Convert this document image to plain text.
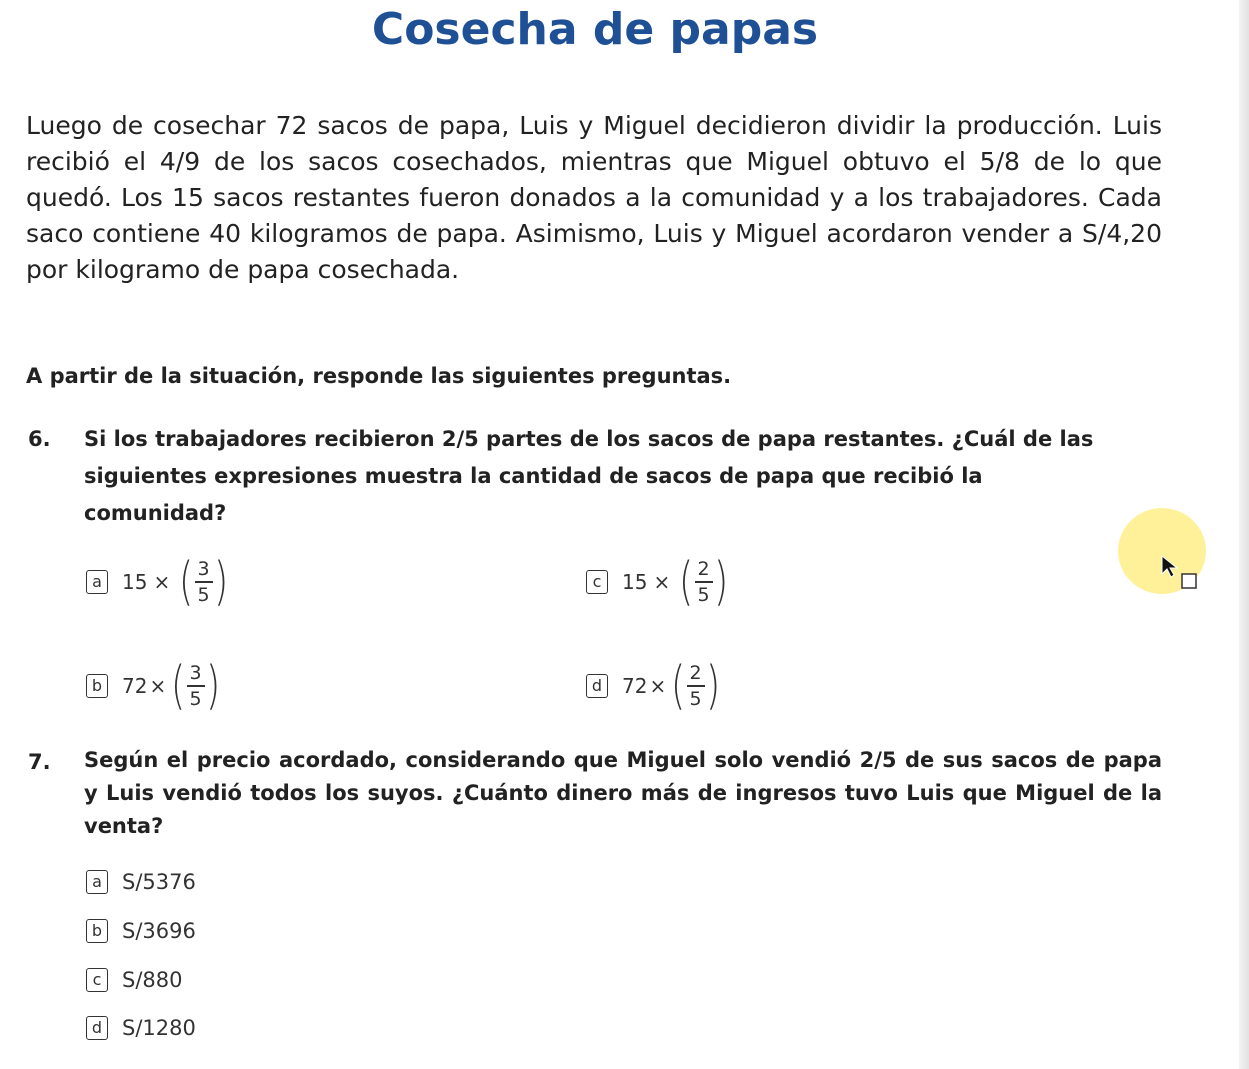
Cosecha de papas

Luego de cosechar 72 sacos de papa, Luis y Miguel decidieron dividir la producción. Luis recibió el 4/9 de los sacos cosechados, mientras que Miguel obtuvo el 5/8 de lo que quedó. Los 15 sacos restantes fueron donados a la comunidad y a los trabajadores. Cada saco contiene 40 kilogramos de papa. Asimismo, Luis y Miguel acordaron vender a S/4,20 por kilogramo de papa cosechada.

A partir de la situación, responde las siguientes preguntas.

6. Si los trabajadores recibieron 2/5 partes de los sacos de papa restantes. ¿Cuál de las siguientes expresiones muestra la cantidad de sacos de papa que recibió la comunidad?

a	15 × ( $\frac{3}{5}$ )	c	15 × ( $\frac{2}{5}$ )
b 72 × ( $\frac{3}{5}$ )	d 72 × ( $\frac{2}{5}$ )
7. Según el precio acordado, considerando que Miguel solo vendió 2/5 de sus sacos de papa y Luis vendió todos los suyos. ¿Cuánto dinero más de ingresos tuvo Luis que Miguel de la venta?

a S/5376
b S/3696
c S/880
d S/1280
